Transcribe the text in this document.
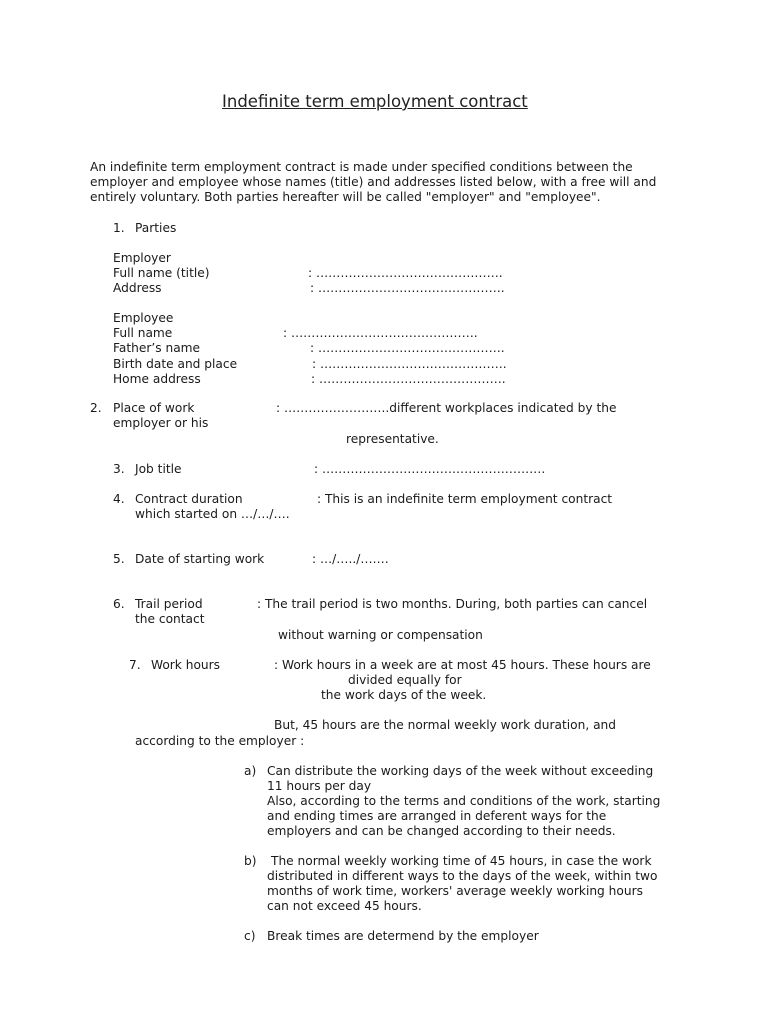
Indefinite term employment contract
An indefinite term employment contract is made under specified conditions between the
employer and employee whose names (title) and addresses listed below, with a free will and
entirely voluntary. Both parties hereafter will be called "employer" and "employee".
1. Parties
Employer
Full name (title)	: ……………………………………….
Address	: ……………………………………….
Employee
Full name	: ……………………………………….
Father’s name	: ……………………………………….
Birth date and place	: ……………………………………….
Home address	: ……………………………………….
2. Place of work	: ……………………..different workplaces indicated by the
employer or his
representative.
3. Job title	: ……………………………………………….
4. Contract duration	: This is an indefinite term employment contract
which started on …/…/….
5. Date of starting work	: …/…../…….
6. Trail period	: The trail period is two months. During, both parties can cancel
the contact
without warning or compensation
7. Work hours	: Work hours in a week are at most 45 hours. These hours are
divided equally for
the work days of the week.
But, 45 hours are the normal weekly work duration, and
according to the employer :
a) Can distribute the working days of the week without exceeding
11 hours per day
Also, according to the terms and conditions of the work, starting
and ending times are arranged in deferent ways for the
employers and can be changed according to their needs.
b) The normal weekly working time of 45 hours, in case the work
distributed in different ways to the days of the week, within two
months of work time, workers' average weekly working hours
can not exceed 45 hours.
c) Break times are determend by the employer
